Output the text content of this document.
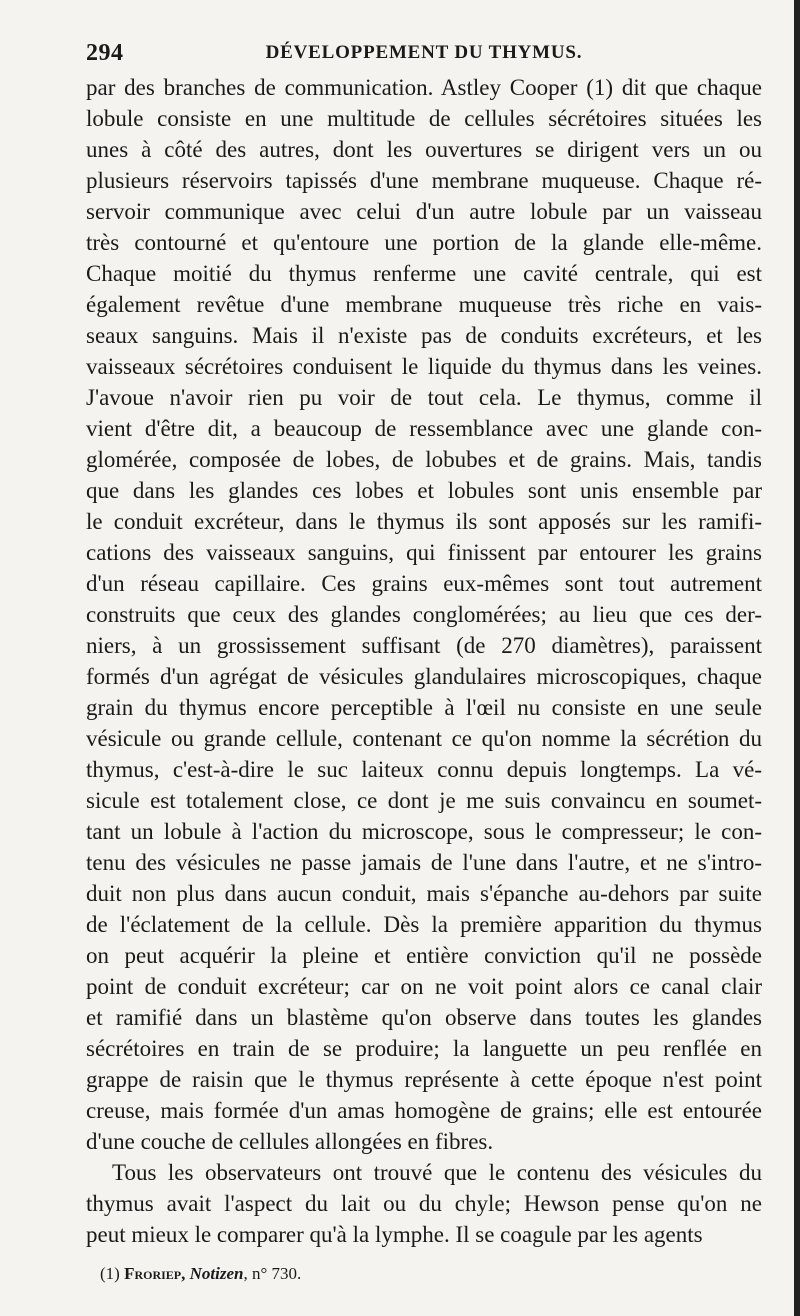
294	DÉVELOPPEMENT DU THYMUS.
par des branches de communication. Astley Cooper (1) dit que chaque
lobule consiste en une multitude de cellules sécrétoires situées les
unes à côté des autres, dont les ouvertures se dirigent vers un ou
plusieurs réservoirs tapissés d'une membrane muqueuse. Chaque ré-
servoir communique avec celui d'un autre lobule par un vaisseau
très contourné et qu'entoure une portion de la glande elle-même.
Chaque moitié du thymus renferme une cavité centrale, qui est
également revêtue d'une membrane muqueuse très riche en vais-
seaux sanguins. Mais il n'existe pas de conduits excréteurs, et les
vaisseaux sécrétoires conduisent le liquide du thymus dans les veines.
J'avoue n'avoir rien pu voir de tout cela. Le thymus, comme il
vient d'être dit, a beaucoup de ressemblance avec une glande con-
glomérée, composée de lobes, de lobubes et de grains. Mais, tandis
que dans les glandes ces lobes et lobules sont unis ensemble par
le conduit excréteur, dans le thymus ils sont apposés sur les ramifi-
cations des vaisseaux sanguins, qui finissent par entourer les grains
d'un réseau capillaire. Ces grains eux-mêmes sont tout autrement
construits que ceux des glandes conglomérées; au lieu que ces der-
niers, à un grossissement suffisant (de 270 diamètres), paraissent
formés d'un agrégat de vésicules glandulaires microscopiques, chaque
grain du thymus encore perceptible à l'œil nu consiste en une seule
vésicule ou grande cellule, contenant ce qu'on nomme la sécrétion du
thymus, c'est-à-dire le suc laiteux connu depuis longtemps. La vé-
sicule est totalement close, ce dont je me suis convaincu en soumet-
tant un lobule à l'action du microscope, sous le compresseur; le con-
tenu des vésicules ne passe jamais de l'une dans l'autre, et ne s'intro-
duit non plus dans aucun conduit, mais s'épanche au-dehors par suite
de l'éclatement de la cellule. Dès la première apparition du thymus
on peut acquérir la pleine et entière conviction qu'il ne possède
point de conduit excréteur; car on ne voit point alors ce canal clair
et ramifié dans un blastème qu'on observe dans toutes les glandes
sécrétoires en train de se produire; la languette un peu renflée en
grappe de raisin que le thymus représente à cette époque n'est point
creuse, mais formée d'un amas homogène de grains; elle est entourée
d'une couche de cellules allongées en fibres.
Tous les observateurs ont trouvé que le contenu des vésicules du
thymus avait l'aspect du lait ou du chyle; Hewson pense qu'on ne
peut mieux le comparer qu'à la lymphe. Il se coagule par les agents
(1) Froriep, Notizen, n° 730.
